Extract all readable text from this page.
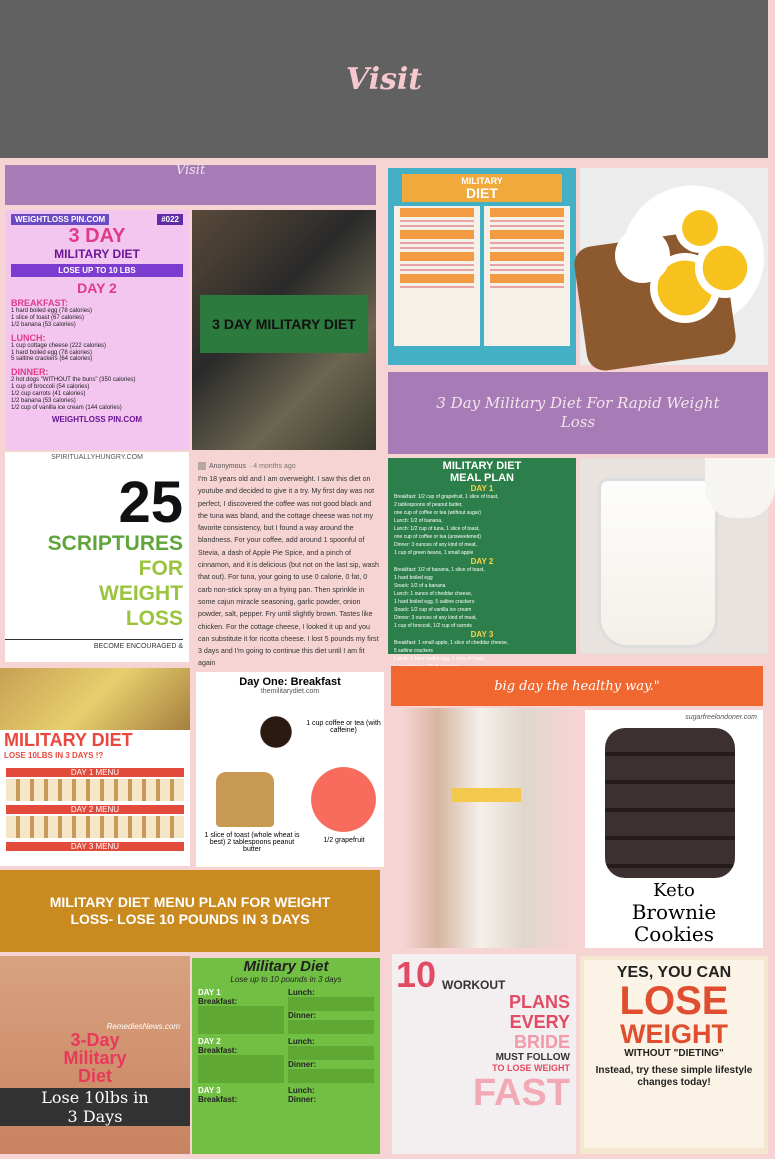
Visit
Visit
WEIGHTLOSS PIN.COM	#022
3 DAY
MILITARY DIET
LOSE UP TO 10 LBS
DAY 2
BREAKFAST:
1 hard boiled egg (78 calories)
1 slice of toast (67 calories)
1/2 banana (53 calories)
LUNCH:
1 cup cottage cheese (222 calories)
1 hard boiled egg (78 calories)
5 saltine crackers (64 calories)
DINNER:
2 hot dogs "WITHOUT the buns" (350 calories)
1 cup of broccoli (54 calories)
1/2 cup carrots (41 calories)
1/2 banana (53 calories)
1/2 cup of vanilla ice cream (144 calories)
WEIGHTLOSS PIN.COM
3 DAY MILITARY DIET
MILITARY
DIET
3 Day Military Diet For Rapid Weight Loss
SPIRITUALLYHUNGRY.COM
25
SCRIPTURES
FOR
WEIGHT
LOSS
BECOME ENCOURAGED &
Anonymous · 4 months ago
I'm 18 years old and I am overweight. I saw this diet on youtube and decided to give it a try. My first day was not perfect, I discovered the coffee was not good black and the tuna was bland, and the cottage cheese was not my favorite consistency, but I found a way around the blandness. For your coffee, add around 1 spoonful of Stevia, a dash of Apple Pie Spice, and a pinch of cinnamon, and it is delicious (but not on the last sip, wash that out). For tuna, your going to use 0 calorie, 0 fat, 0 carb non-stick spray on a frying pan. Then sprinkle in some cajun miracle seasoning, garlic powder, onion powder, salt, pepper. Fry until slightly brown. Tastes like chicken. For the cottage cheese, I looked it up and you can substitute it for ricotta cheese. I lost 5 pounds my first 3 days and I'm going to continue this diet until I am fit again
MILITARY DIET
MEAL PLAN
DAY 1
Breakfast: 1/2 cup of grapefruit, 1 slice of toast,
2 tablespoons of peanut butter,
one cup of coffee or tea (without sugar)
Lunch: 1/2 of banana,
Lunch: 1/2 cup of tuna, 1 slice of toast,
one cup of coffee or tea (unsweetened)
Dinner: 3 ounces of any kind of meat,
1 cup of green beans, 1 small apple
DAY 2
Breakfast: 1/2 of banana, 1 slice of toast,
1 hard boiled egg
Snack: 1/2 of a banana
Lunch: 1 ounce of cheddar cheese,
1 hard boiled egg, 5 saltine crackers
Snack: 1/2 cup of vanilla ice cream
Dinner: 3 ounces of any kind of meat,
1 cup of broccoli, 1/2 cup of carrots
DAY 3
Breakfast: 1 small apple, 1 slice of cheddar cheese,
5 saltine crackers
Lunch: 1 hard boiled egg, 1 slice of toast,
MILITARY DIET
LOSE 10LBS IN 3 DAYS !?
DAY 1 MENU
DAY 2 MENU
DAY 3 MENU
Day One: Breakfast
themilitarydiet.com
1 cup coffee or tea (with caffeine)
1 slice of toast (whole wheat is best) 2 tablespoons peanut butter
1/2 grapefruit
big day the healthy way."
sugarfreelondoner.com
Keto
Brownie
Cookies
MILITARY DIET MENU PLAN FOR WEIGHT LOSS- LOSE 10 POUNDS IN 3 DAYS
RemediesNews.com
3-Day
Military
Diet
Lose 10lbs in
3 Days
Military Diet
Lose up to 10 pounds in 3 days
DAY 1
Breakfast:
DAY 2
Breakfast:
DAY 3
Breakfast:
Lunch:
Dinner:
Lunch:
Dinner:
Lunch:
Dinner:
10 WORKOUT
PLANS
EVERY
BRIDE
MUST FOLLOW
TO LOSE WEIGHT
FAST
YES, YOU CAN
LOSE
WEIGHT
WITHOUT "DIETING"
Instead, try these simple lifestyle changes today!
